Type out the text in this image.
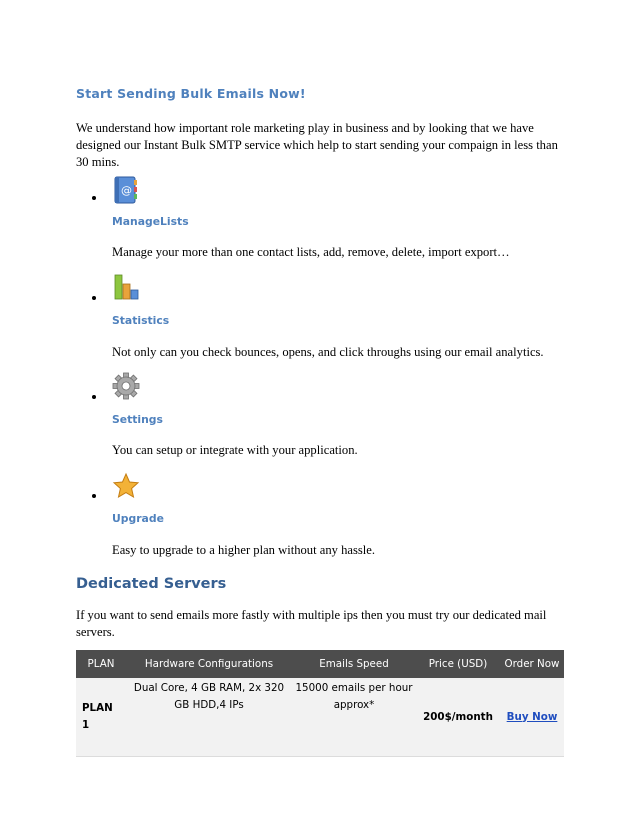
Start Sending Bulk Emails Now!

We understand how important role marketing play in business and by looking that we have designed our Instant Bulk SMTP service which help to start sending your compaign in less than 30 mins.

@
ManageLists

Manage your more than one contact lists, add, remove, delete, import export…

Statistics

Not only can you check bounces, opens, and click throughs using our email analytics.

Settings

You can setup or integrate with your application.

Upgrade

Easy to upgrade to a higher plan without any hassle.

Dedicated Servers

If you want to send emails more fastly with multiple ips then you must try our dedicated mail servers.

PLAN	Hardware Configurations	Emails Speed	Price (USD)	Order Now
PLAN 1	Dual Core, 4 GB RAM, 2x 320 GB HDD,4 IPs	15000 emails per hour approx*	200$/month	Buy Now
